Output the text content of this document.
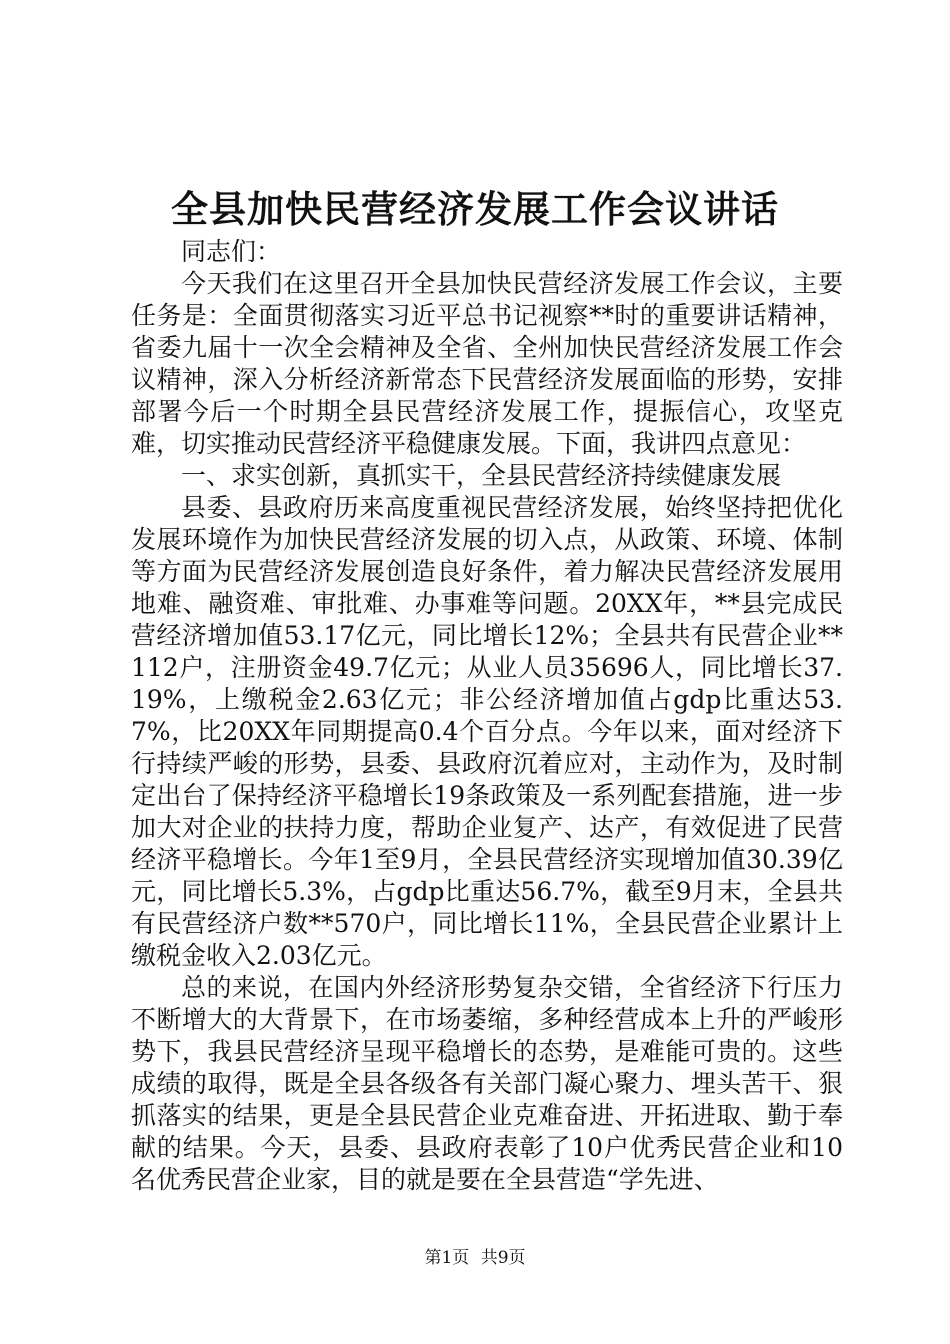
全县加快民营经济发展工作会议讲话

同志们：

今天我们在这里召开全县加快民营经济发展工作会议，主要任务是：全面贯彻落实习近平总书记视察**时的重要讲话精神，省委九届十一次全会精神及全省、全州加快民营经济发展工作会议精神，深入分析经济新常态下民营经济发展面临的形势，安排部署今后一个时期全县民营经济发展工作，提振信心，攻坚克难，切实推动民营经济平稳健康发展。下面，我讲四点意见：

一、求实创新，真抓实干，全县民营经济持续健康发展

县委、县政府历来高度重视民营经济发展，始终坚持把优化发展环境作为加快民营经济发展的切入点，从政策、环境、体制等方面为民营经济发展创造良好条件，着力解决民营经济发展用地难、融资难、审批难、办事难等问题。20XX年，**县完成民营经济增加值53.17亿元，同比增长12%；全县共有民营企业**112户，注册资金49.7亿元；从业人员35696人，同比增长37.19%，上缴税金2.63亿元；非公经济增加值占gdp比重达53.7%，比20XX年同期提高0.4个百分点。今年以来，面对经济下行持续严峻的形势，县委、县政府沉着应对，主动作为，及时制定出台了保持经济平稳增长19条政策及一系列配套措施，进一步加大对企业的扶持力度，帮助企业复产、达产，有效促进了民营经济平稳增长。今年1至9月，全县民营经济实现增加值30.39亿元，同比增长5.3%，占gdp比重达56.7%，截至9月末，全县共有民营经济户数**570户，同比增长11%，全县民营企业累计上缴税金收入2.03亿元。

总的来说，在国内外经济形势复杂交错，全省经济下行压力不断增大的大背景下，在市场萎缩，多种经营成本上升的严峻形势下，我县民营经济呈现平稳增长的态势，是难能可贵的。这些成绩的取得，既是全县各级各有关部门凝心聚力、埋头苦干、狠抓落实的结果，更是全县民营企业克难奋进、开拓进取、勤于奉献的结果。今天，县委、县政府表彰了10户优秀民营企业和10名优秀民营企业家，目的就是要在全县营造“学先进、

第1页 共9页
